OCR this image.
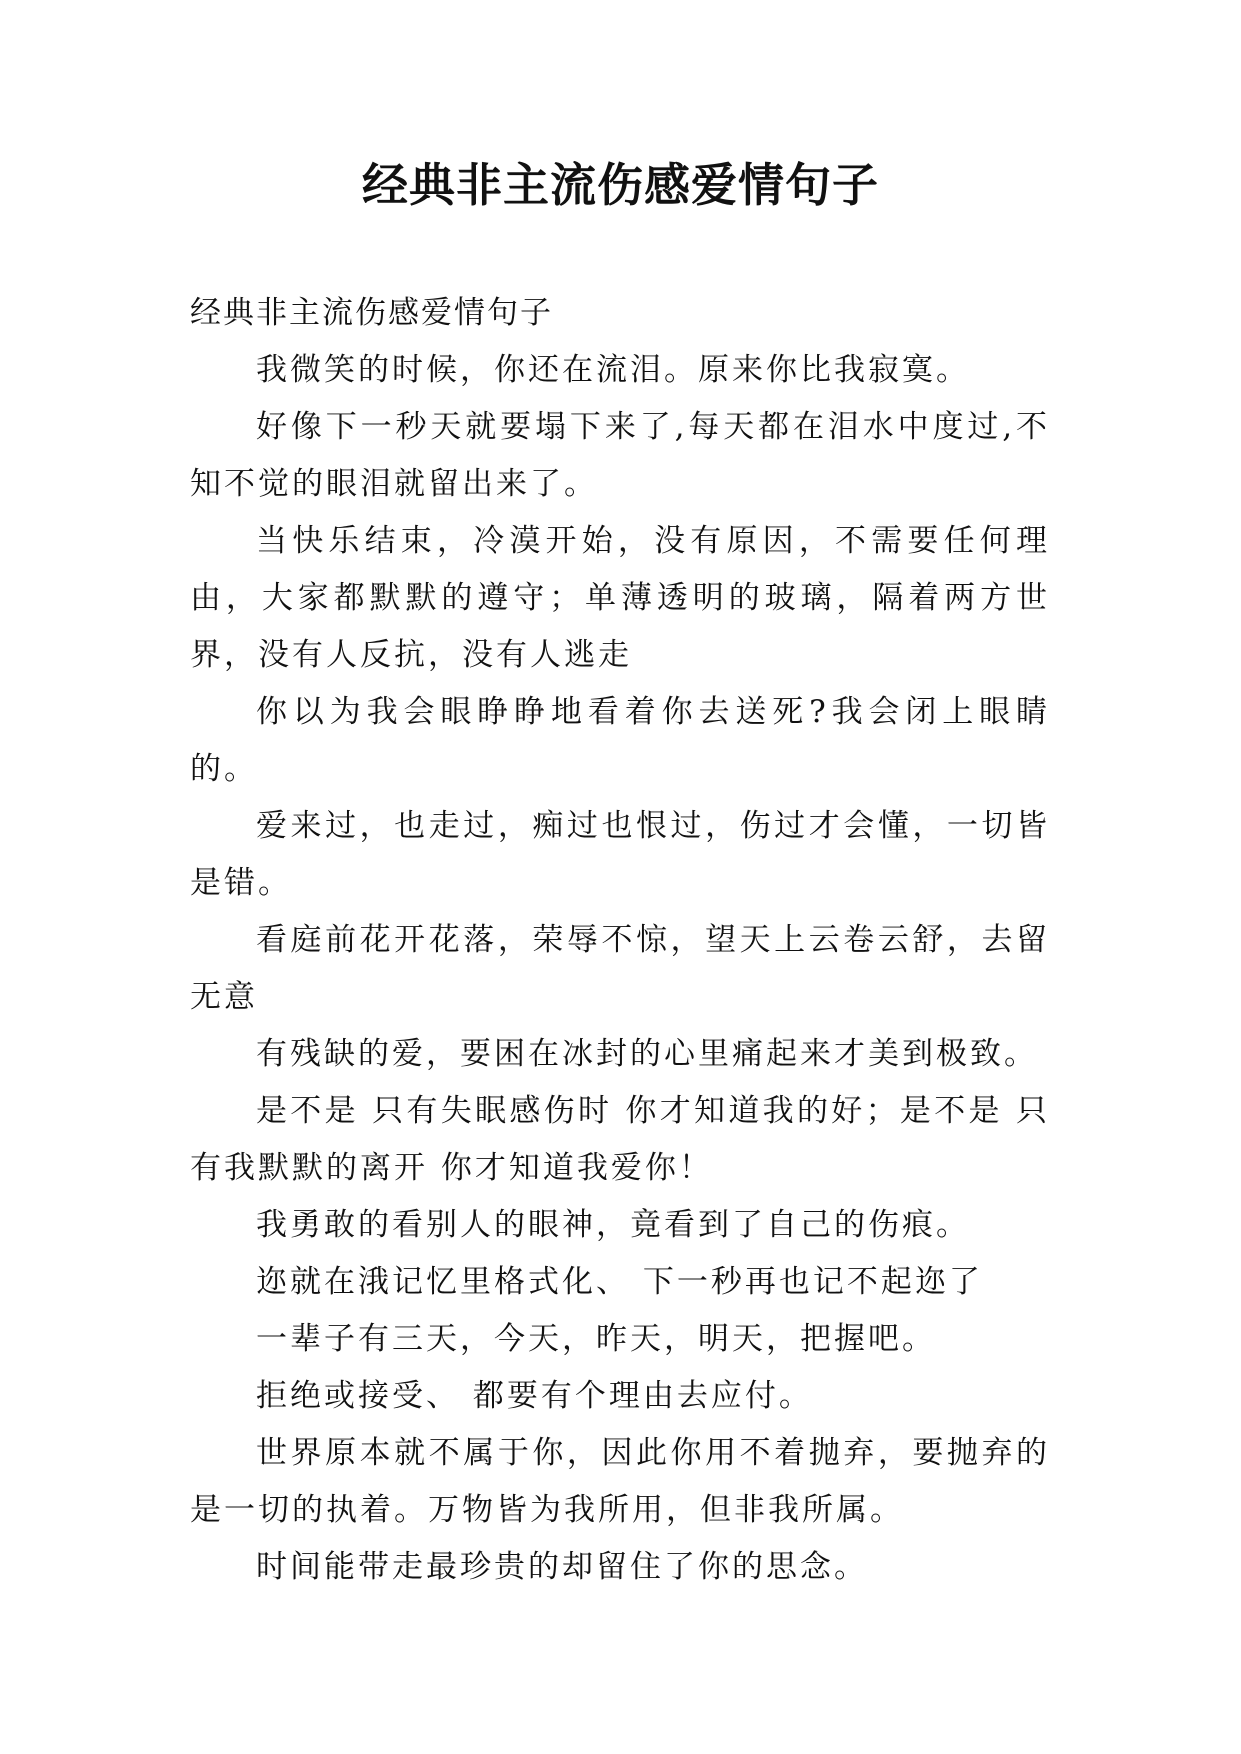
经典非主流伤感爱情句子

经典非主流伤感爱情句子

我微笑的时候，你还在流泪。原来你比我寂寞。

好像下一秒天就要塌下来了,每天都在泪水中度过,不知不觉的眼泪就留出来了。

当快乐结束，冷漠开始，没有原因，不需要任何理由，大家都默默的遵守；单薄透明的玻璃，隔着两方世界，没有人反抗，没有人逃走

你以为我会眼睁睁地看着你去送死?我会闭上眼睛的。

爱来过，也走过，痴过也恨过，伤过才会懂，一切皆是错。

看庭前花开花落，荣辱不惊，望天上云卷云舒，去留无意

有残缺的爱，要困在冰封的心里痛起来才美到极致。

是不是 只有失眠感伤时 你才知道我的好；是不是 只有我默默的离开 你才知道我爱你！

我勇敢的看别人的眼神，竟看到了自己的伤痕。

迩就在涐记忆里格式化、 下一秒再也记不起迩了

一辈子有三天，今天，昨天，明天，把握吧。

拒绝或接受、 都要有个理由去应付。

世界原本就不属于你，因此你用不着抛弃，要抛弃的是一切的执着。万物皆为我所用，但非我所属。

时间能带走最珍贵的却留住了你的思念。
